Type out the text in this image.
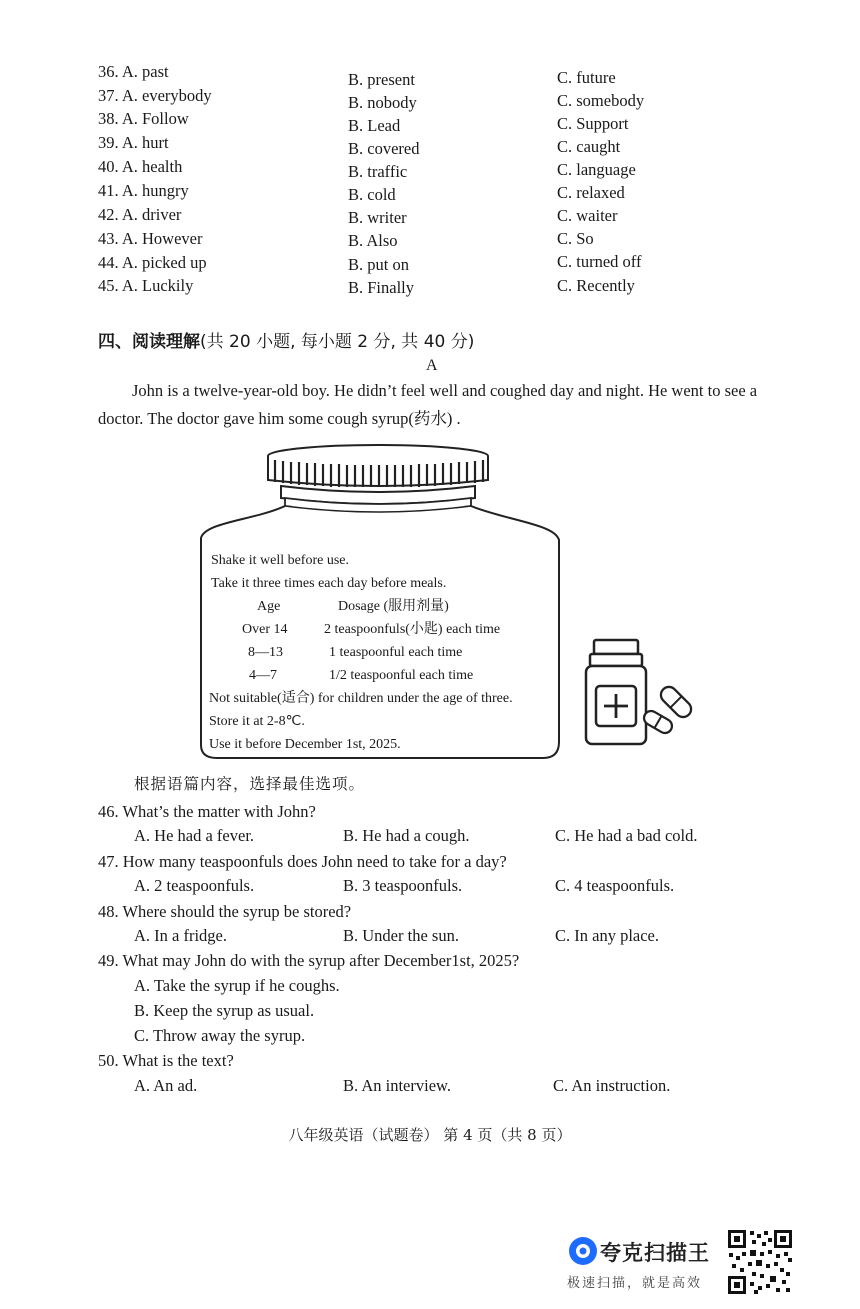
36. A. past	B. present	C. future
37. A. everybody	B. nobody	C. somebody
38. A. Follow	B. Lead	C. Support
39. A. hurt	B. covered	C. caught
40. A. health	B. traffic	C. language
41. A. hungry	B. cold	C. relaxed
42. A. driver	B. writer	C. waiter
43. A. However	B. Also	C. So
44. A. picked up	B. put on	C. turned off
45. A. Luckily	B. Finally	C. Recently
四、阅读理解(共 20 小题, 每小题 2 分, 共 40 分)
A
John is a twelve-year-old boy. He didn’t feel well and coughed day and night. He went to see a doctor. The doctor gave him some cough syrup(药水) .
Shake it well before use.
Take it three times each day before meals.
Age	Dosage (服用剂量)
Over 14	2 teaspoonfuls(小匙) each time
8—13	1 teaspoonful each time
4—7	1/2 teaspoonful each time
Not suitable(适合) for children under the age of three.
Store it at 2-8℃.
Use it before December 1st, 2025.
根据语篇内容，选择最佳选项。
46. What’s the matter with John?
A. He had a fever.	B. He had a cough.	C. He had a bad cold.
47. How many teaspoonfuls does John need to take for a day?
A. 2 teaspoonfuls.	B. 3 teaspoonfuls.	C. 4 teaspoonfuls.
48. Where should the syrup be stored?
A. In a fridge.	B. Under the sun.	C. In any place.
49. What may John do with the syrup after December1st, 2025?
A. Take the syrup if he coughs.
B. Keep the syrup as usual.
C. Throw away the syrup.
50. What is the text?
A. An ad.	B. An interview.	C. An instruction.
八年级英语（试题卷） 第 4 页（共 8 页）
夸克扫描王
极速扫描，就是高效
